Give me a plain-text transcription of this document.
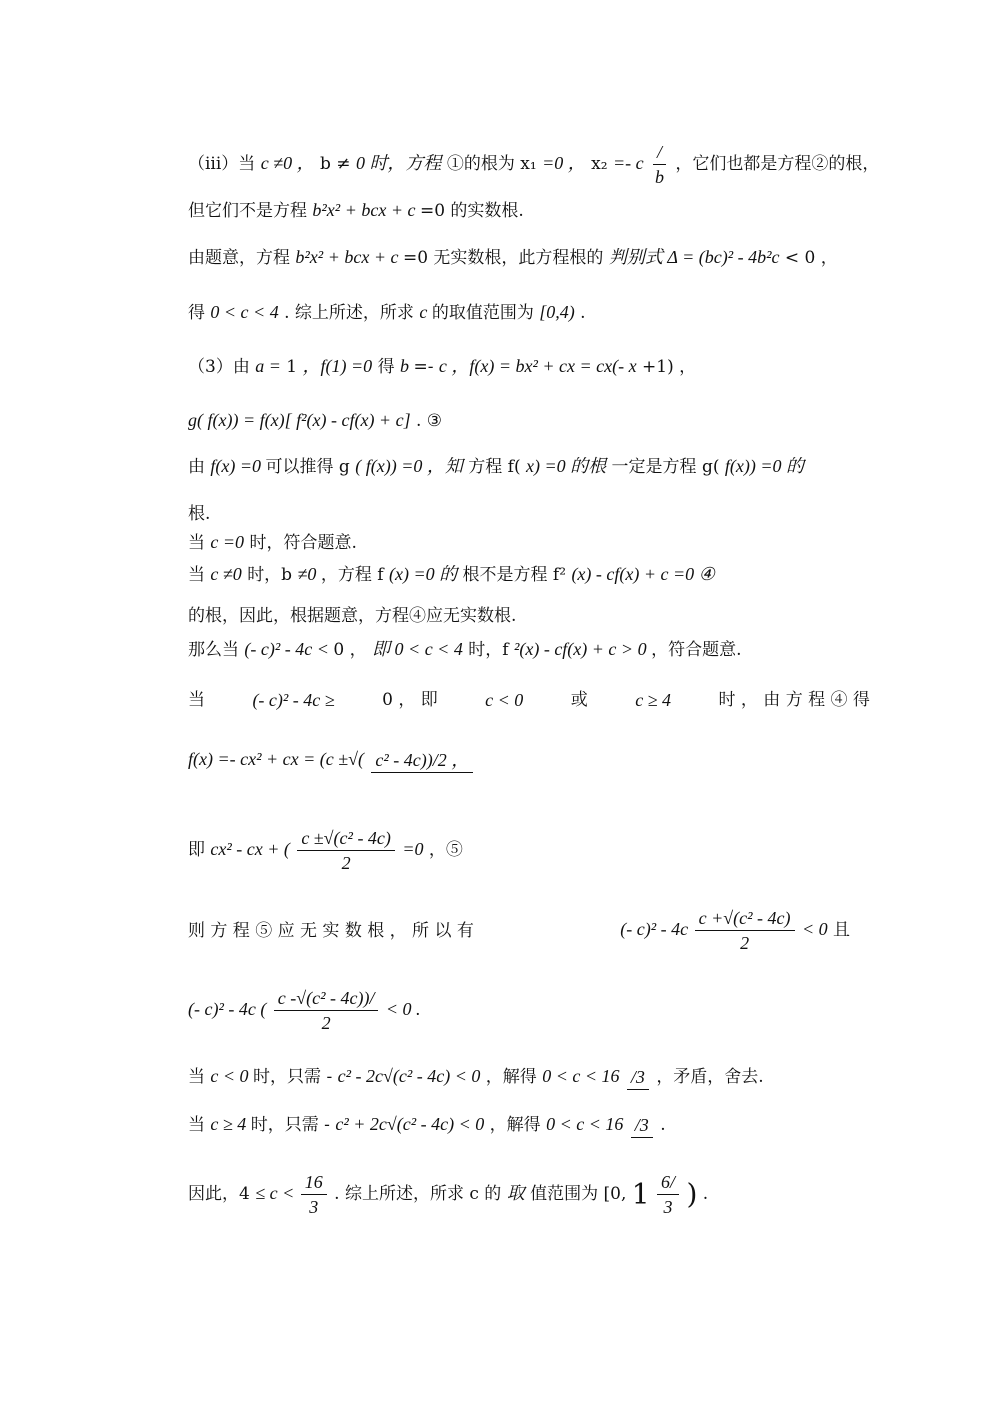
（iii）当 c ≠0 ， b ≠ 0 时，方程 ①的根为 x₁ =0 ， x₂ =- c $\frac{/}{b}$ ，它们也都是方程②的根，
但它们不是方程 b²x² + bcx + c =0 的实数根.
由题意，方程 b²x² + bcx + c =0 无实数根，此方程根的 判别式 Δ = (bc)² - 4b²c < 0 ，
得 0 < c < 4 . 综上所述，所求 c 的取值范围为 [0,4) .
（3）由 a = 1 ，f(1) =0 得 b =- c ，f(x) = bx² + cx = cx(- x +1) ，
g( f(x)) = f(x)[ f²(x) - cf(x) + c] . ③
由 f(x) =0 可以推得 g ( f(x)) =0 ，知 方程 f( x) =0 的根 一定是方程 g( f(x)) =0 的
根.
当 c =0 时，符合题意.
当 c ≠0 时，b ≠0 ，方程 f (x) =0 的 根不是方程 f² (x) - cf(x) + c =0 ④
的根，因此，根据题意，方程④应无实数根.
那么当 (- c)² - 4c < 0 ， 即 0 < c < 4 时，f ²(x) - cf(x) + c > 0 ，符合题意.
当	(- c)² - 4c ≥	0 ， 即	c < 0	或	c ≥ 4	时 ， 由 方 程 ④ 得
f(x) =- cx² + cx = (c ±√( c² - 4c))/2 ，
即 cx² - cx + ( $\frac{\text{c ±√(c² - 4c)}}{2} =0$ ，⑤
则 方 程 ⑤ 应 无 实 数 根 ， 所 以 有	(- $c)^2 - 4c \frac{\text{c +√(c² - 4c)}}{2} < 0$ 且
(- c)² - 4c ( $\frac{\text{c -√(c² - 4c))/}}{2} < 0$ .
当 c < 0 时，只需 - c² - 2c√(c² - 4c) < 0 ，解得 0 < c < 16 /3 ，矛盾，舍去.
当 c ≥ 4 时，只需 - c² + 2c√(c² - 4c) < 0 ，解得 0 < c < 16 /3 .
因此，$4 \le c < \frac{16}{3}$ . 综上所述，所求 c 的 取 值范围为 [0, $1 \frac{6/}{3}$ ) .
